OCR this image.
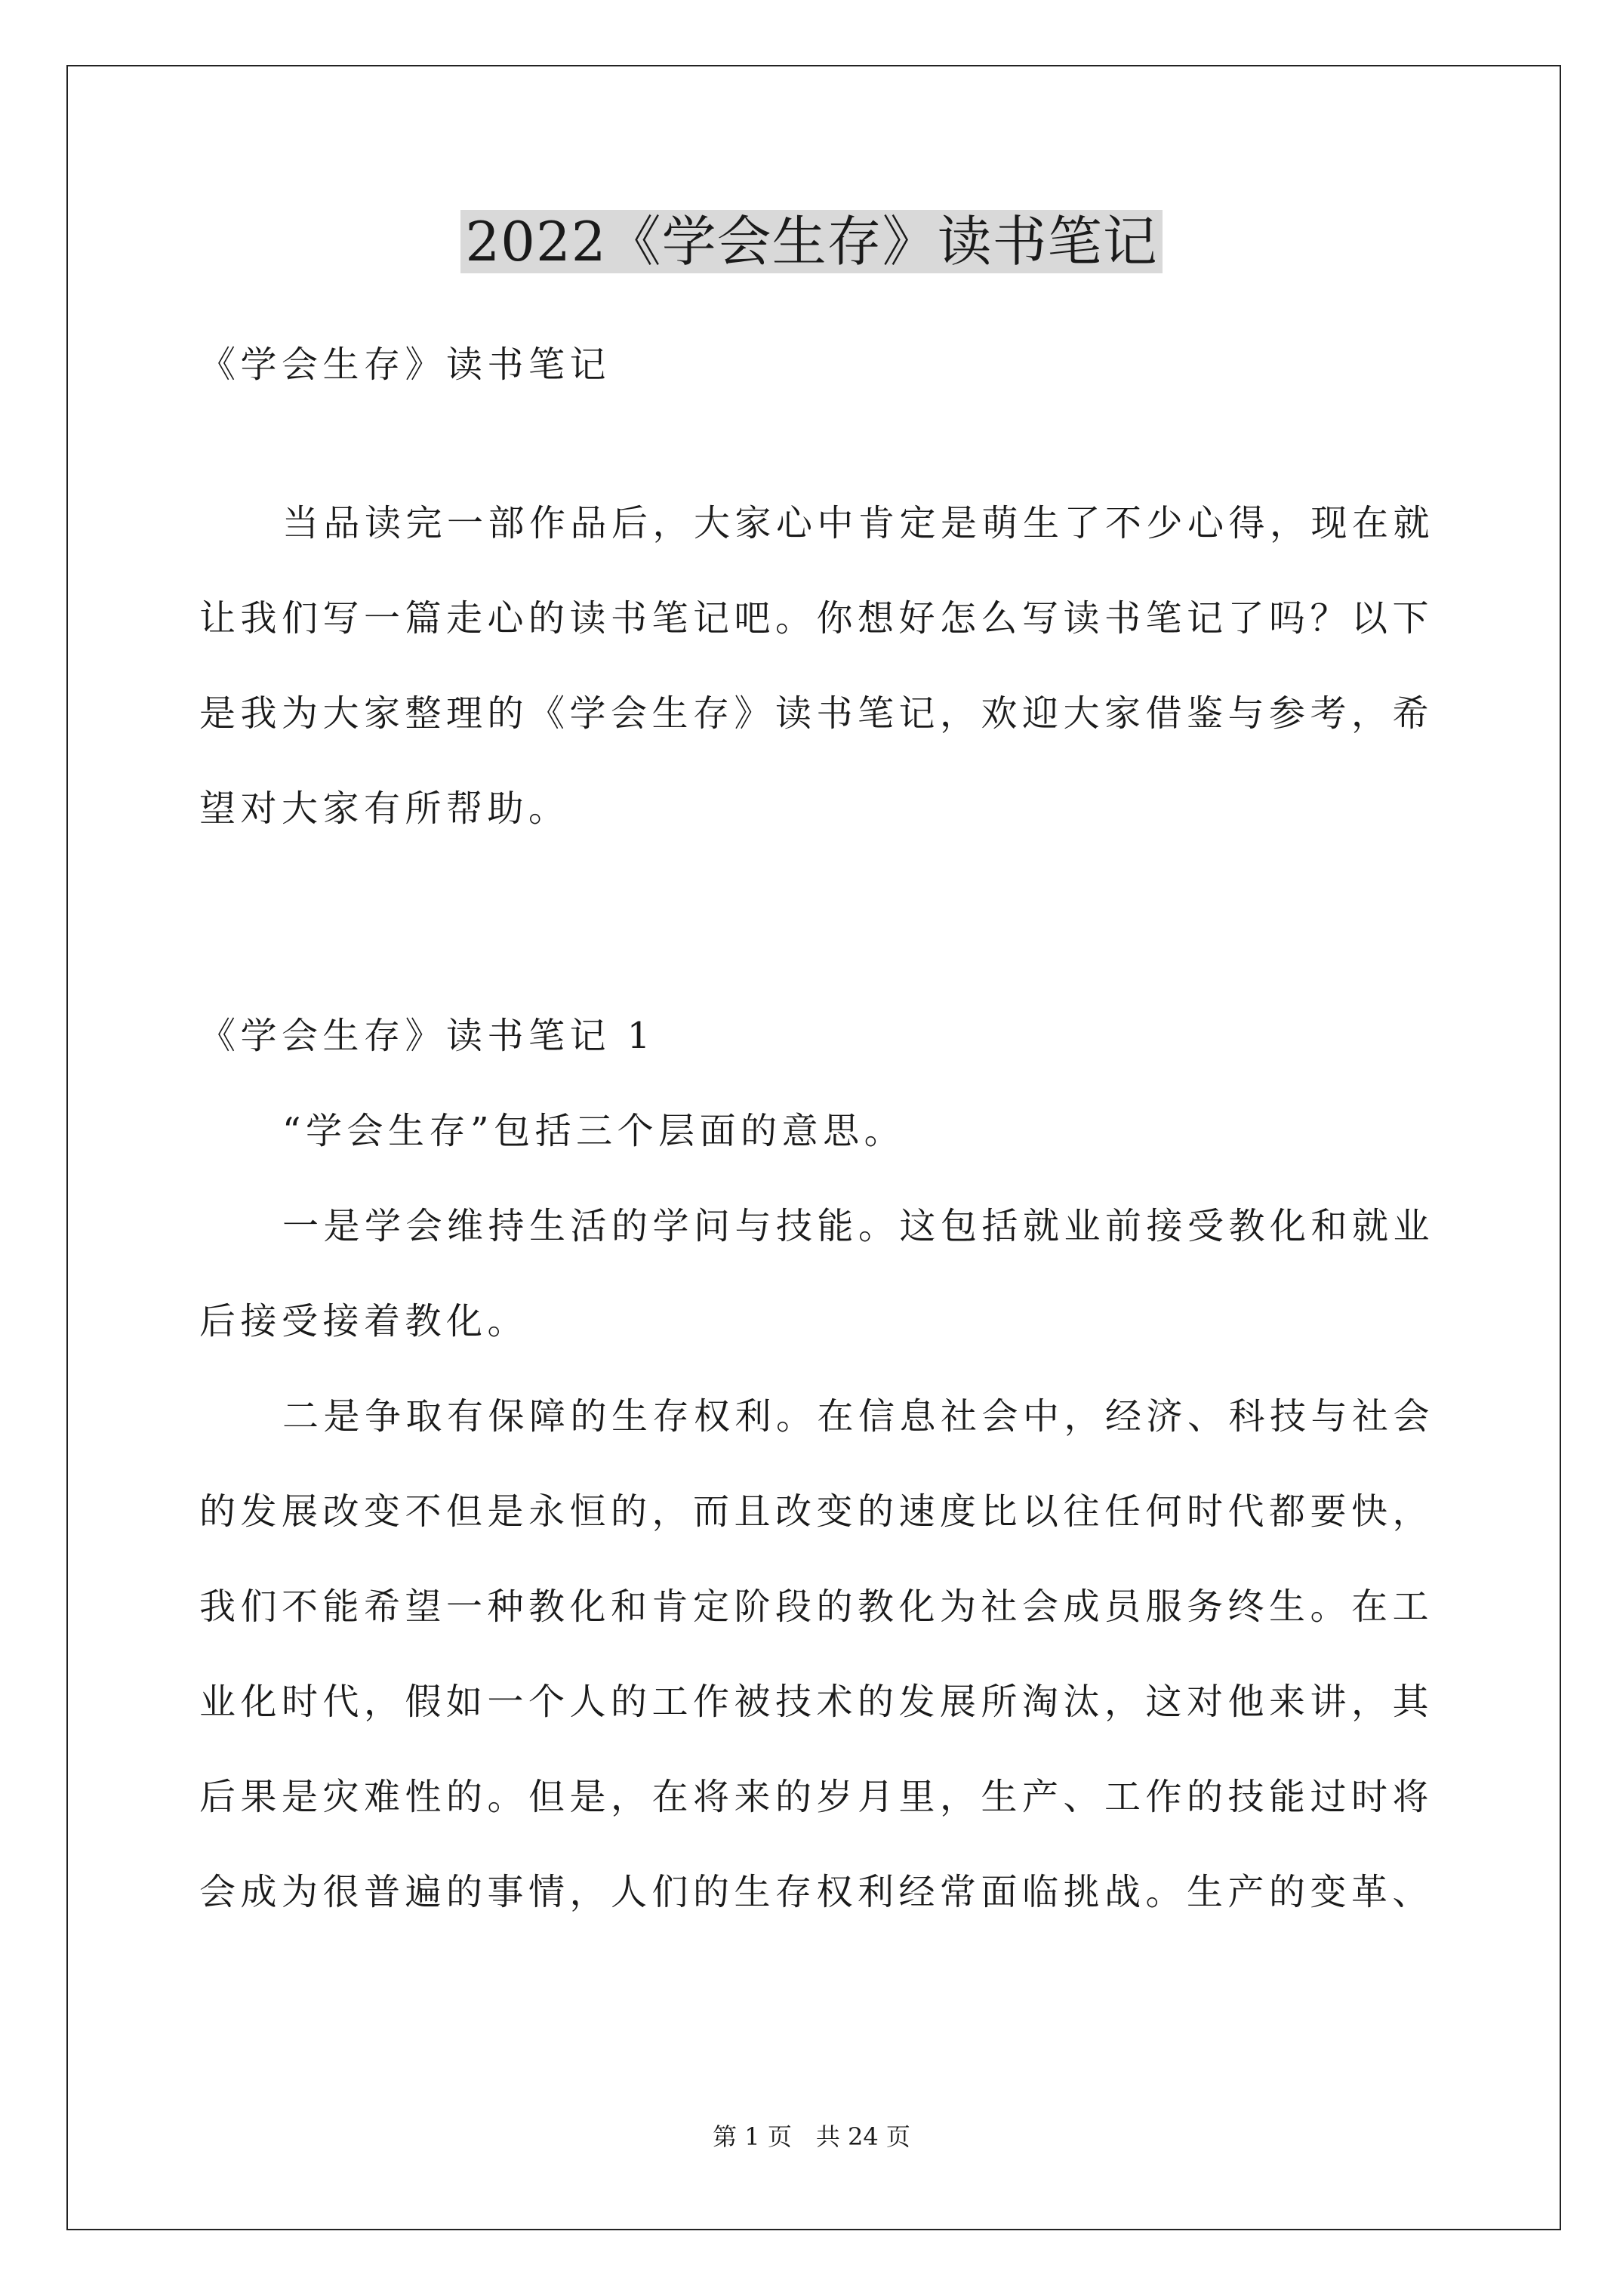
2022《学会生存》读书笔记
《学会生存》读书笔记
当品读完一部作品后，大家心中肯定是萌生了不少心得，现在就
让我们写一篇走心的读书笔记吧。你想好怎么写读书笔记了吗？以下
是我为大家整理的《学会生存》读书笔记，欢迎大家借鉴与参考，希
望对大家有所帮助。
《学会生存》读书笔记 1
“学会生存”包括三个层面的意思。
一是学会维持生活的学问与技能。这包括就业前接受教化和就业
后接受接着教化。
二是争取有保障的生存权利。在信息社会中，经济、科技与社会
的发展改变不但是永恒的，而且改变的速度比以往任何时代都要快，
我们不能希望一种教化和肯定阶段的教化为社会成员服务终生。在工
业化时代，假如一个人的工作被技术的发展所淘汰，这对他来讲，其
后果是灾难性的。但是，在将来的岁月里，生产、工作的技能过时将
会成为很普遍的事情，人们的生存权利经常面临挑战。生产的变革、
第 1 页　共 24 页
